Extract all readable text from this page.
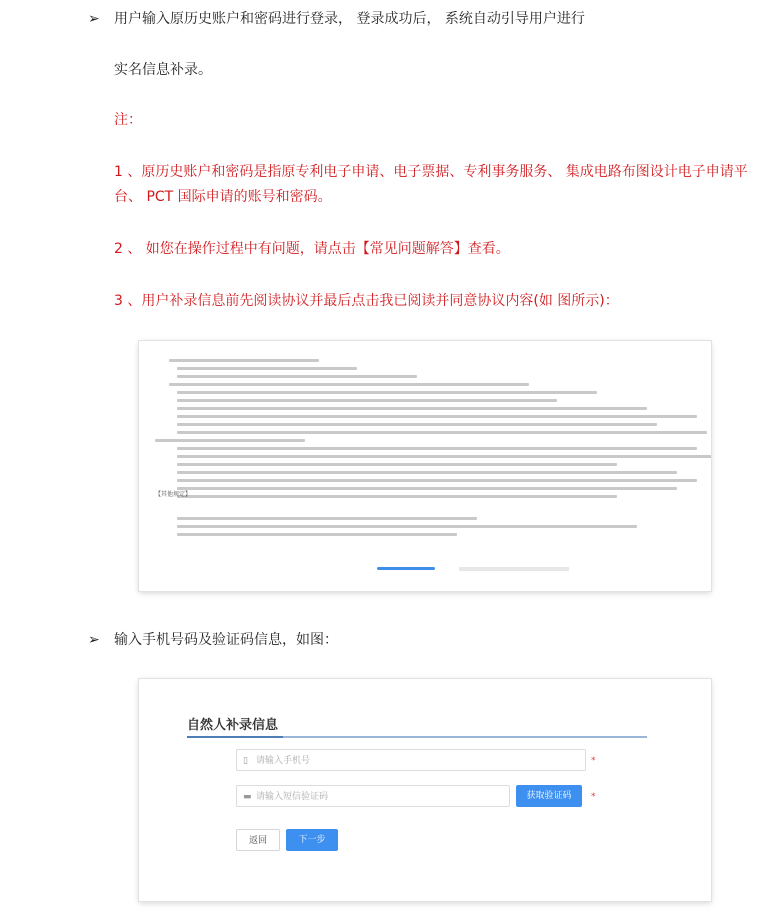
➢ 用户输入原历史账户和密码进行登录， 登录成功后， 系统自动引导用户进行
实名信息补录。
注：
1 、原历史账户和密码是指原专利电子申请、电子票据、专利事务服务、 集成电路布图设计电子申请平
台、 PCT 国际申请的账号和密码。
2 、 如您在操作过程中有问题，请点击【常见问题解答】查看。
3 、用户补录信息前先阅读协议并最后点击我已阅读并同意协议内容(如 图所示)：
【其他规定】
➢ 输入手机号码及验证码信息，如图：
自然人补录信息
▯ 请输入手机号	*
▬ 请输入短信验证码	获取验证码	*
返回	下一步
